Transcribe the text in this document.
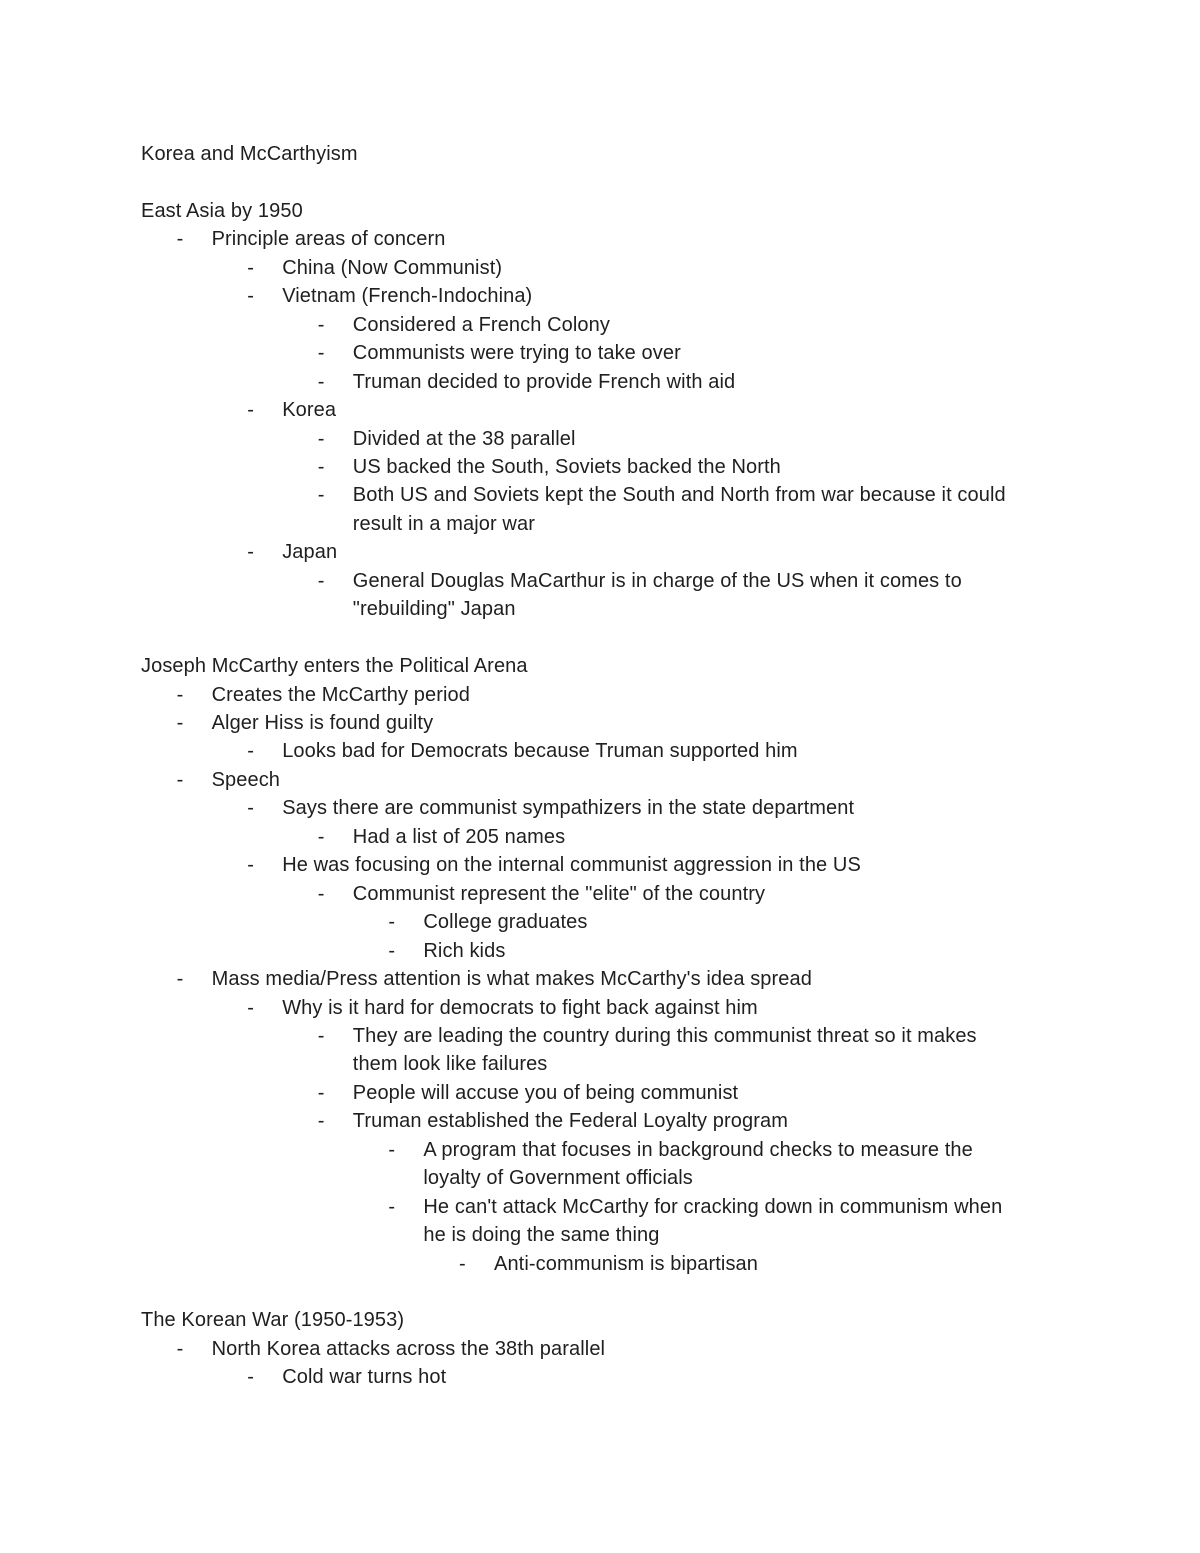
Korea and McCarthyism
East Asia by 1950
Principle areas of concern
-
China (Now Communist)
-
Vietnam (French-Indochina)
-
Considered a French Colony
-
Communists were trying to take over
-
Truman decided to provide French with aid
-
Korea
-
Divided at the 38 parallel
-
US backed the South, Soviets backed the North
-
Both US and Soviets kept the South and North from war because it could
-
result in a major war
Japan
-
General Douglas MaCarthur is in charge of the US when it comes to
-
"rebuilding" Japan
Joseph McCarthy enters the Political Arena
Creates the McCarthy period
-
Alger Hiss is found guilty
-
Looks bad for Democrats because Truman supported him
-
Speech
-
Says there are communist sympathizers in the state department
-
Had a list of 205 names
-
He was focusing on the internal communist aggression in the US
-
Communist represent the "elite" of the country
-
College graduates
-
Rich kids
-
Mass media/Press attention is what makes McCarthy's idea spread
-
Why is it hard for democrats to fight back against him
-
They are leading the country during this communist threat so it makes
-
them look like failures
People will accuse you of being communist
-
Truman established the Federal Loyalty program
-
A program that focuses in background checks to measure the
-
loyalty of Government officials
He can't attack McCarthy for cracking down in communism when
-
he is doing the same thing
Anti-communism is bipartisan
-
The Korean War (1950-1953)
North Korea attacks across the 38th parallel
-
Cold war turns hot
-
